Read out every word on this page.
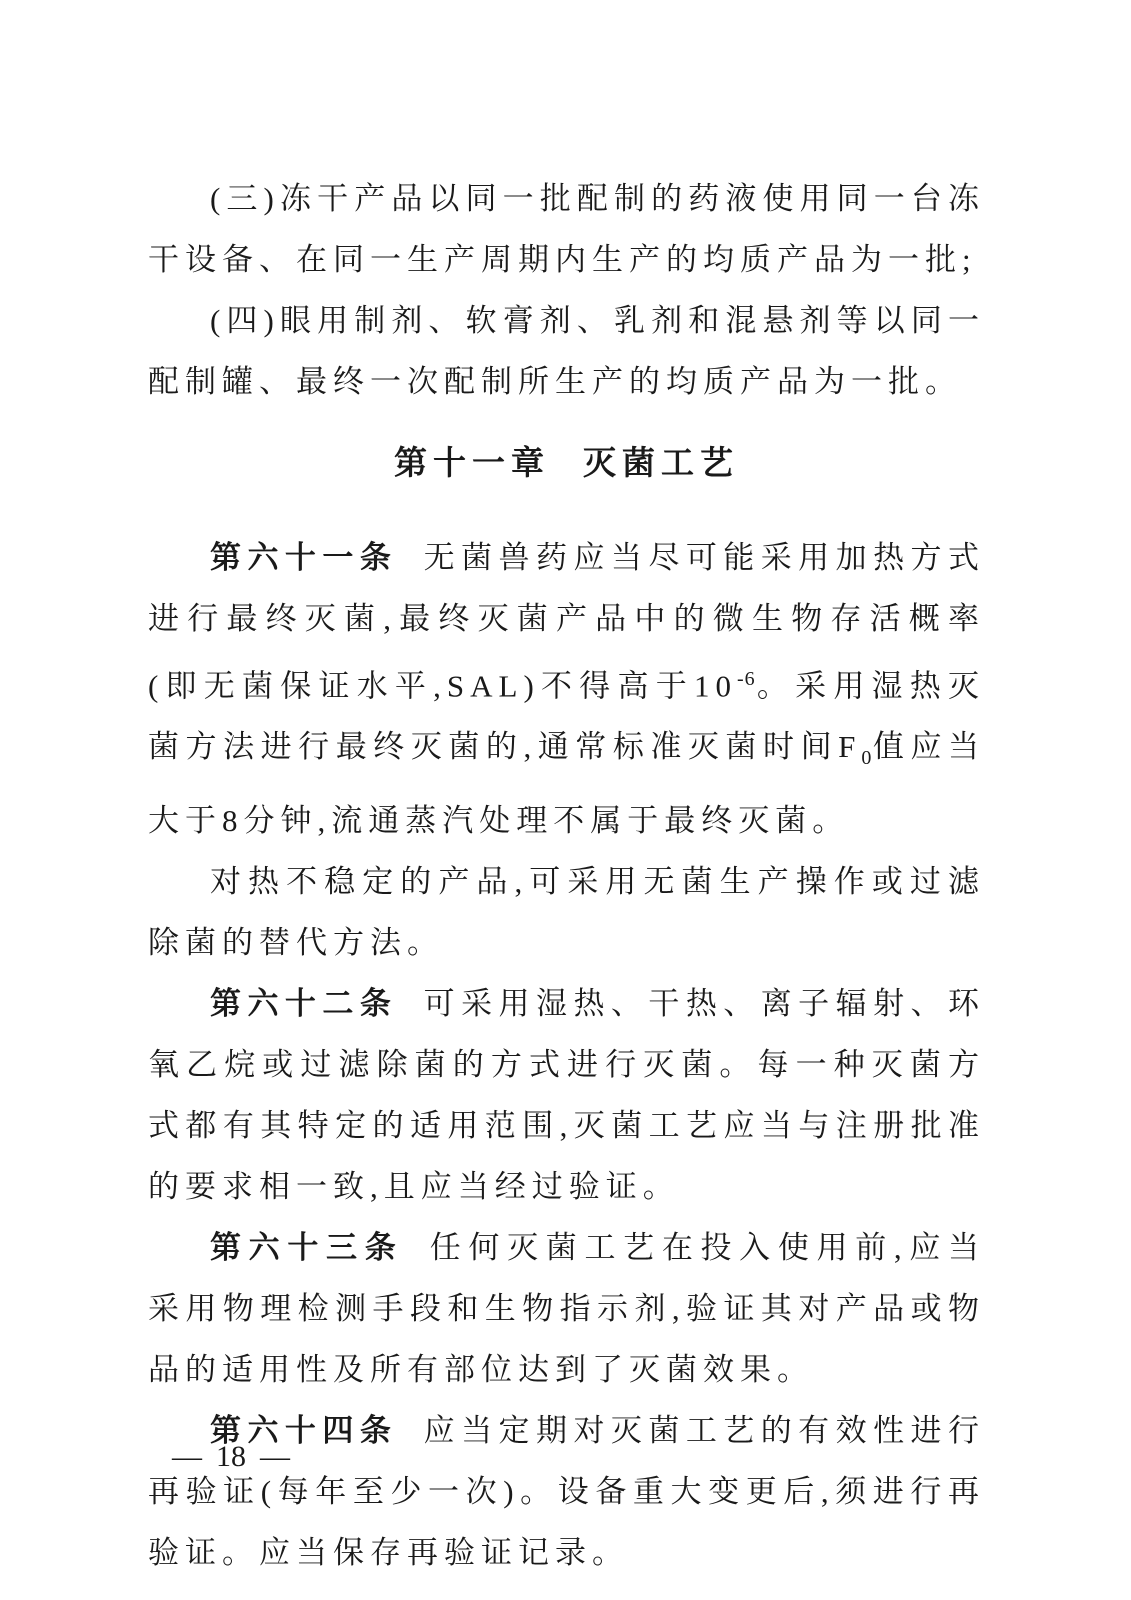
(三)冻干产品以同一批配制的药液使用同一台冻干设备、在同一生产周期内生产的均质产品为一批;

(四)眼用制剂、软膏剂、乳剂和混悬剂等以同一配制罐、最终一次配制所生产的均质产品为一批。

第十一章 灭菌工艺

第六十一条 无菌兽药应当尽可能采用加热方式进行最终灭菌,最终灭菌产品中的微生物存活概率(即无菌保证水平,SAL)不得高于$10^{-6}$。采用湿热灭菌方法进行最终灭菌的,通常标准灭菌时间$F_0$值应当大于8分钟,流通蒸汽处理不属于最终灭菌。

对热不稳定的产品,可采用无菌生产操作或过滤除菌的替代方法。

第六十二条 可采用湿热、干热、离子辐射、环氧乙烷或过滤除菌的方式进行灭菌。每一种灭菌方式都有其特定的适用范围,灭菌工艺应当与注册批准的要求相一致,且应当经过验证。

第六十三条 任何灭菌工艺在投入使用前,应当采用物理检测手段和生物指示剂,验证其对产品或物品的适用性及所有部位达到了灭菌效果。

第六十四条 应当定期对灭菌工艺的有效性进行再验证(每年至少一次)。设备重大变更后,须进行再验证。应当保存再验证记录。

— 18 —
